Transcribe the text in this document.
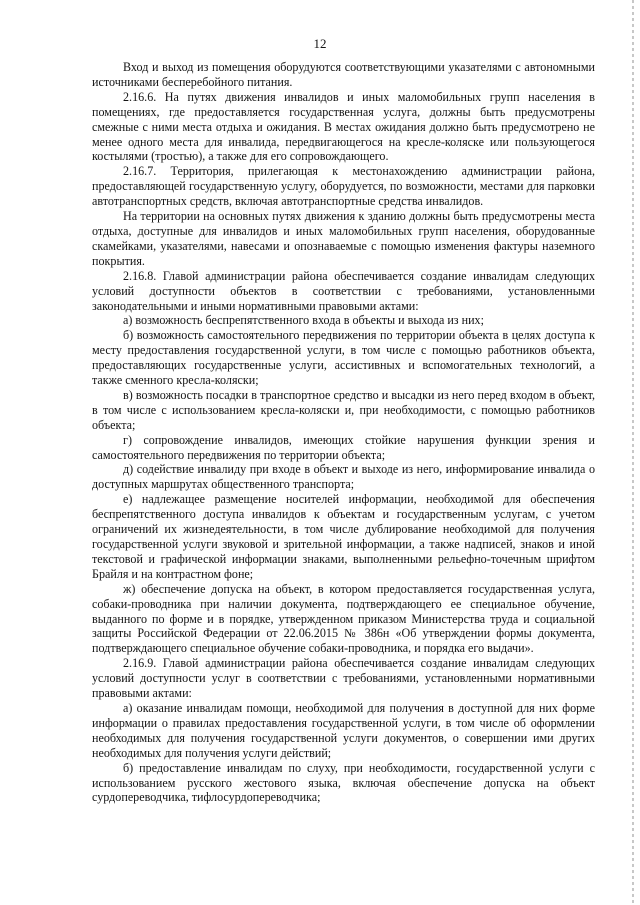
12

Вход и выход из помещения оборудуются соответствующими указателями с автономными источниками бесперебойного питания.

2.16.6. На путях движения инвалидов и иных маломобильных групп населения в помещениях, где предоставляется государственная услуга, должны быть предусмотрены смежные с ними места отдыха и ожидания. В местах ожидания должно быть предусмотрено не менее одного места для инвалида, передвигающегося на кресле-коляске или пользующегося костылями (тростью), а также для его сопровождающего.

2.16.7. Территория, прилегающая к местонахождению администрации района, предоставляющей государственную услугу, оборудуется, по возможности, местами для парковки автотранспортных средств, включая автотранспортные средства инвалидов.

На территории на основных путях движения к зданию должны быть предусмотрены места отдыха, доступные для инвалидов и иных маломобильных групп населения, оборудованные скамейками, указателями, навесами и опознаваемые с помощью изменения фактуры наземного покрытия.

2.16.8. Главой администрации района обеспечивается создание инвалидам следующих условий доступности объектов в соответствии с требованиями, установленными законодательными и иными нормативными правовыми актами:

а) возможность беспрепятственного входа в объекты и выхода из них;

б) возможность самостоятельного передвижения по территории объекта в целях доступа к месту предоставления государственной услуги, в том числе с помощью работников объекта, предоставляющих государственные услуги, ассистивных и вспомогательных технологий, а также сменного кресла-коляски;

в) возможность посадки в транспортное средство и высадки из него перед входом в объект, в том числе с использованием кресла-коляски и, при необходимости, с помощью работников объекта;

г) сопровождение инвалидов, имеющих стойкие нарушения функции зрения и самостоятельного передвижения по территории объекта;

д) содействие инвалиду при входе в объект и выходе из него, информирование инвалида о доступных маршрутах общественного транспорта;

е) надлежащее размещение носителей информации, необходимой для обеспечения беспрепятственного доступа инвалидов к объектам и государственным услугам, с учетом ограничений их жизнедеятельности, в том числе дублирование необходимой для получения государственной услуги звуковой и зрительной информации, а также надписей, знаков и иной текстовой и графической информации знаками, выполненными рельефно-точечным шрифтом Брайля и на контрастном фоне;

ж) обеспечение допуска на объект, в котором предоставляется государственная услуга, собаки-проводника при наличии документа, подтверждающего ее специальное обучение, выданного по форме и в порядке, утвержденном приказом Министерства труда и социальной защиты Российской Федерации от 22.06.2015 № 386н «Об утверждении формы документа, подтверждающего специальное обучение собаки-проводника, и порядка его выдачи».

2.16.9. Главой администрации района обеспечивается создание инвалидам следующих условий доступности услуг в соответствии с требованиями, установленными нормативными правовыми актами:

а) оказание инвалидам помощи, необходимой для получения в доступной для них форме информации о правилах предоставления государственной услуги, в том числе об оформлении необходимых для получения государственной услуги документов, о совершении ими других необходимых для получения услуги действий;

б) предоставление инвалидам по слуху, при необходимости, государственной услуги с использованием русского жестового языка, включая обеспечение допуска на объект сурдопереводчика, тифлосурдопереводчика;
